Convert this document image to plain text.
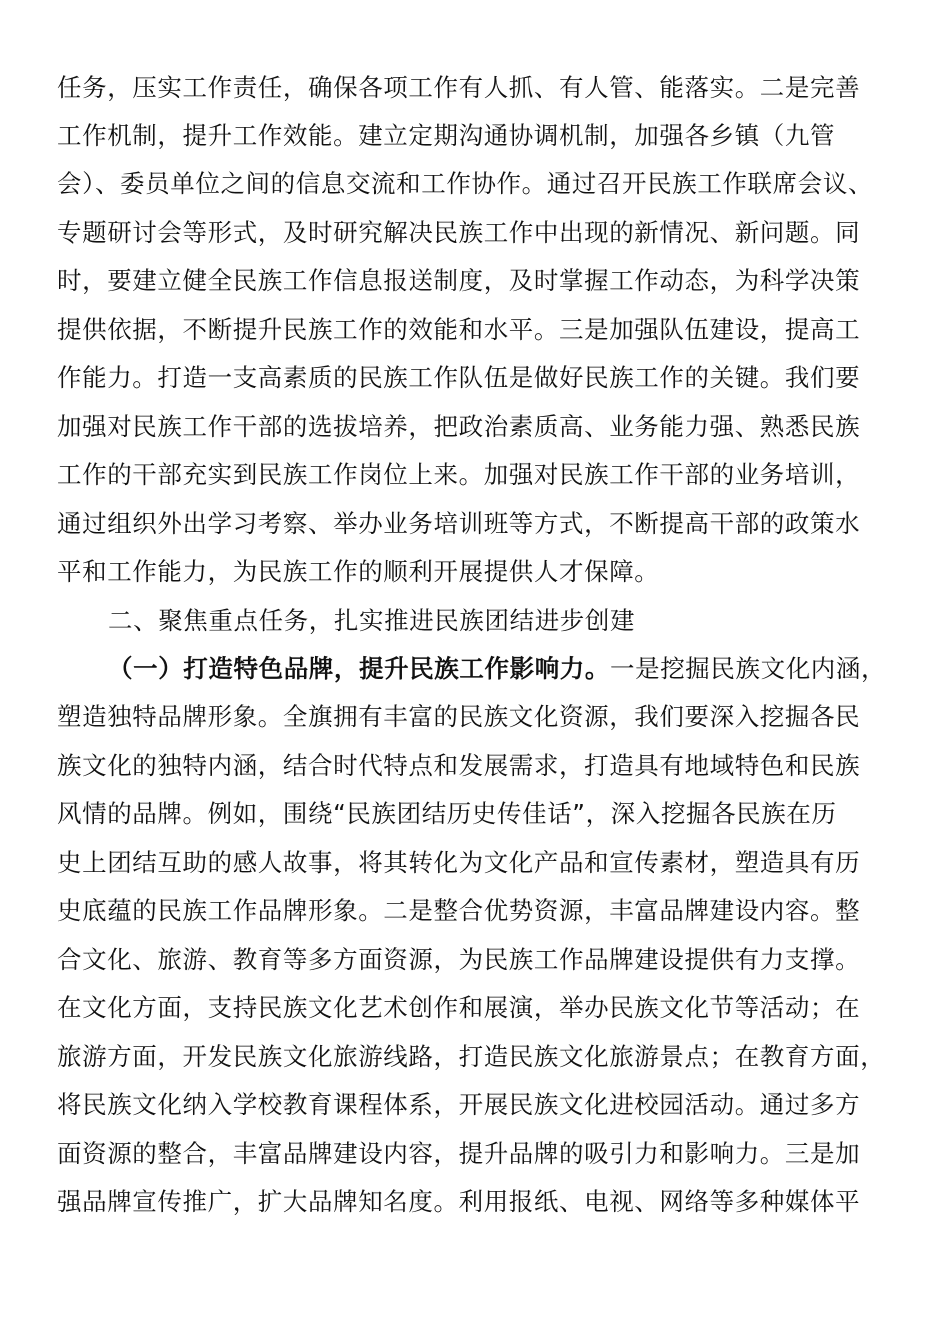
任务，压实工作责任，确保各项工作有人抓、有人管、能落实。二是完善
工作机制，提升工作效能。建立定期沟通协调机制，加强各乡镇（九管
会）、委员单位之间的信息交流和工作协作。通过召开民族工作联席会议、
专题研讨会等形式，及时研究解决民族工作中出现的新情况、新问题。同
时，要建立健全民族工作信息报送制度，及时掌握工作动态，为科学决策
提供依据，不断提升民族工作的效能和水平。三是加强队伍建设，提高工
作能力。打造一支高素质的民族工作队伍是做好民族工作的关键。我们要
加强对民族工作干部的选拔培养，把政治素质高、业务能力强、熟悉民族
工作的干部充实到民族工作岗位上来。加强对民族工作干部的业务培训，
通过组织外出学习考察、举办业务培训班等方式，不断提高干部的政策水
平和工作能力，为民族工作的顺利开展提供人才保障。
二、聚焦重点任务，扎实推进民族团结进步创建
（一）打造特色品牌，提升民族工作影响力。一是挖掘民族文化内涵，
塑造独特品牌形象。全旗拥有丰富的民族文化资源，我们要深入挖掘各民
族文化的独特内涵，结合时代特点和发展需求，打造具有地域特色和民族
风情的品牌。例如，围绕“民族团结历史传佳话”，深入挖掘各民族在历
史上团结互助的感人故事，将其转化为文化产品和宣传素材，塑造具有历
史底蕴的民族工作品牌形象。二是整合优势资源，丰富品牌建设内容。整
合文化、旅游、教育等多方面资源，为民族工作品牌建设提供有力支撑。
在文化方面，支持民族文化艺术创作和展演，举办民族文化节等活动；在
旅游方面，开发民族文化旅游线路，打造民族文化旅游景点；在教育方面，
将民族文化纳入学校教育课程体系，开展民族文化进校园活动。通过多方
面资源的整合，丰富品牌建设内容，提升品牌的吸引力和影响力。三是加
强品牌宣传推广，扩大品牌知名度。利用报纸、电视、网络等多种媒体平
